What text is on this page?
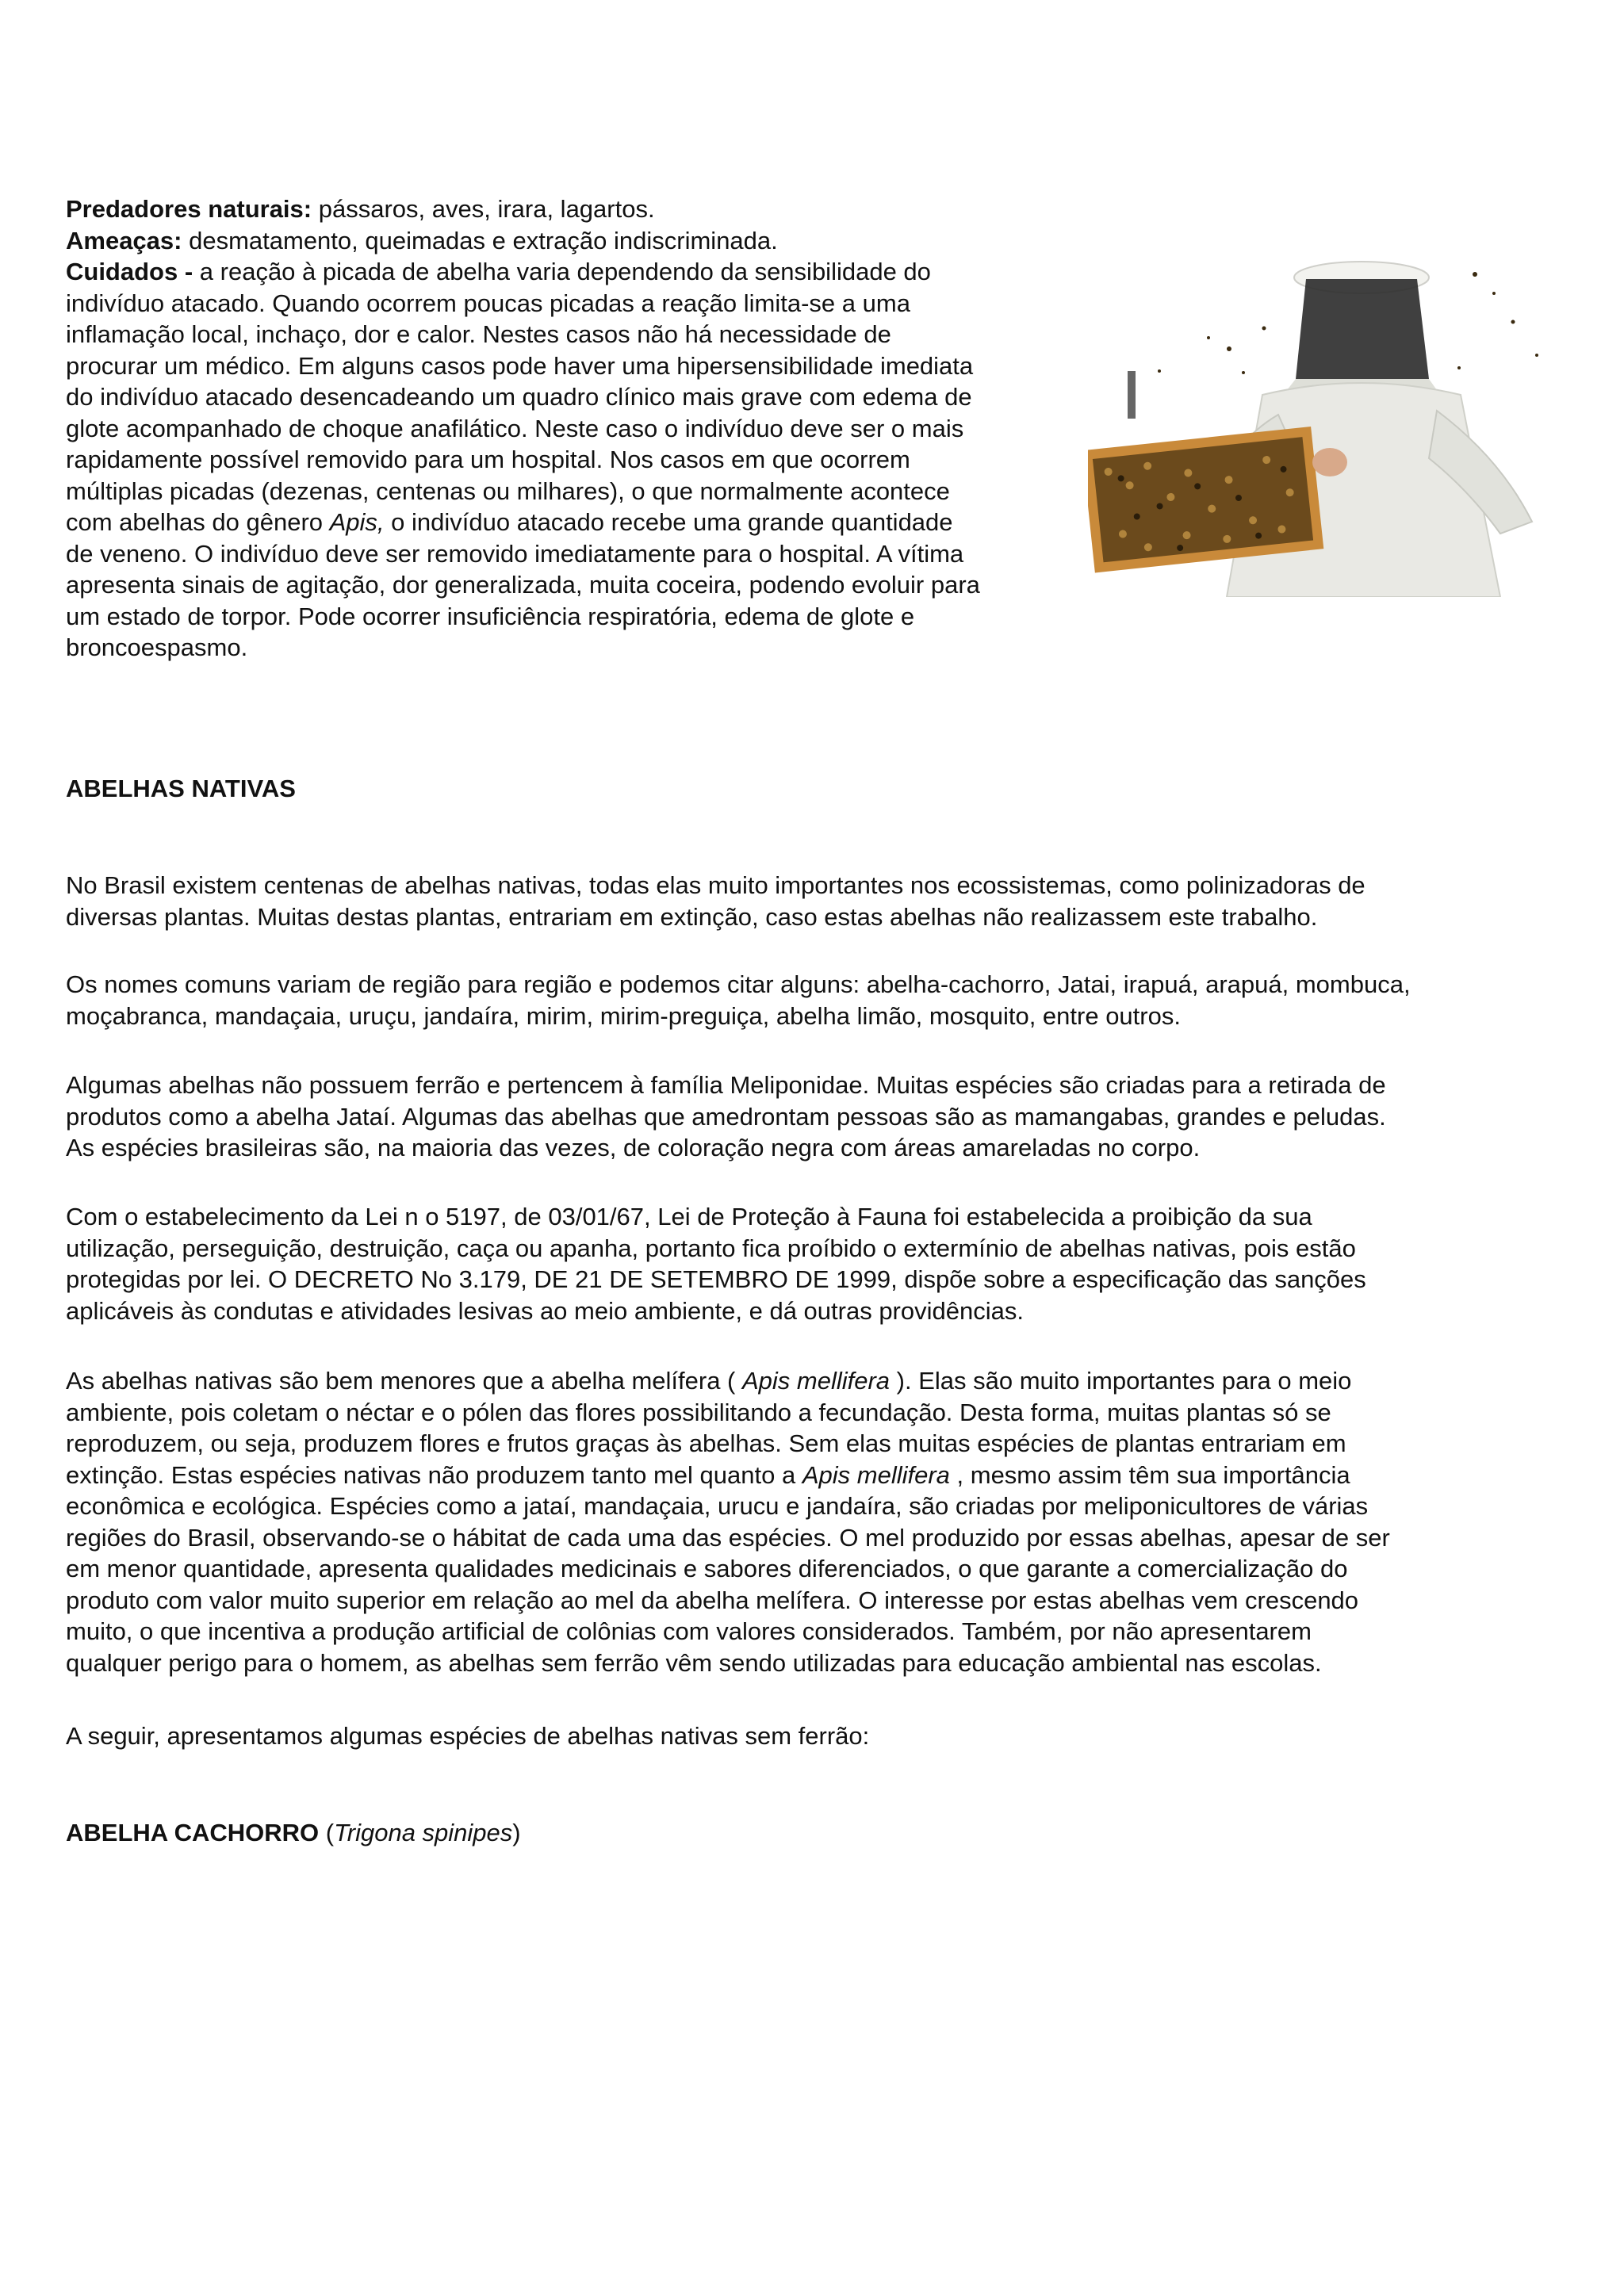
Predadores naturais: pássaros, aves, irara, lagartos.
Ameaças: desmatamento, queimadas e extração indiscriminada.
Cuidados - a reação à picada de abelha varia dependendo da sensibilidade do
indivíduo atacado. Quando ocorrem poucas picadas a reação limita-se a uma
inflamação local, inchaço, dor e calor. Nestes casos não há necessidade de
procurar um médico. Em alguns casos pode haver uma hipersensibilidade imediata
do indivíduo atacado desencadeando um quadro clínico mais grave com edema de
glote acompanhado de choque anafilático. Neste caso o indivíduo deve ser o mais
rapidamente possível removido para um hospital. Nos casos em que ocorrem
múltiplas picadas (dezenas, centenas ou milhares), o que normalmente acontece
com abelhas do gênero Apis, o indivíduo atacado recebe uma grande quantidade
de veneno. O indivíduo deve ser removido imediatamente para o hospital. A vítima
apresenta sinais de agitação, dor generalizada, muita coceira, podendo evoluir para
um estado de torpor. Pode ocorrer insuficiência respiratória, edema de glote e
broncoespasmo.
ABELHAS NATIVAS
No Brasil existem centenas de abelhas nativas, todas elas muito importantes nos ecossistemas, como polinizadoras de
diversas plantas. Muitas destas plantas, entrariam em extinção, caso estas abelhas não realizassem este trabalho.
Os nomes comuns variam de região para região e podemos citar alguns: abelha-cachorro, Jatai, irapuá, arapuá, mombuca,
moçabranca, mandaçaia, uruçu, jandaíra, mirim, mirim-preguiça, abelha limão, mosquito, entre outros.
Algumas abelhas não possuem ferrão e pertencem à família Meliponidae. Muitas espécies são criadas para a retirada de
produtos como a abelha Jataí. Algumas das abelhas que amedrontam pessoas são as mamangabas, grandes e peludas.
As espécies brasileiras são, na maioria das vezes, de coloração negra com áreas amareladas no corpo.
Com o estabelecimento da Lei n o 5197, de 03/01/67, Lei de Proteção à Fauna foi estabelecida a proibição da sua
utilização, perseguição, destruição, caça ou apanha, portanto fica proíbido o extermínio de abelhas nativas, pois estão
protegidas por lei. O DECRETO No 3.179, DE 21 DE SETEMBRO DE 1999, dispõe sobre a especificação das sanções
aplicáveis às condutas e atividades lesivas ao meio ambiente, e dá outras providências.
As abelhas nativas são bem menores que a abelha melífera ( Apis mellifera ). Elas são muito importantes para o meio
ambiente, pois coletam o néctar e o pólen das flores possibilitando a fecundação. Desta forma, muitas plantas só se
reproduzem, ou seja, produzem flores e frutos graças às abelhas. Sem elas muitas espécies de plantas entrariam em
extinção. Estas espécies nativas não produzem tanto mel quanto a Apis mellifera , mesmo assim têm sua importância
econômica e ecológica. Espécies como a jataí, mandaçaia, urucu e jandaíra, são criadas por meliponicultores de várias
regiões do Brasil, observando-se o hábitat de cada uma das espécies. O mel produzido por essas abelhas, apesar de ser
em menor quantidade, apresenta qualidades medicinais e sabores diferenciados, o que garante a comercialização do
produto com valor muito superior em relação ao mel da abelha melífera. O interesse por estas abelhas vem crescendo
muito, o que incentiva a produção artificial de colônias com valores considerados. Também, por não apresentarem
qualquer perigo para o homem, as abelhas sem ferrão vêm sendo utilizadas para educação ambiental nas escolas.
A seguir, apresentamos algumas espécies de abelhas nativas sem ferrão:
ABELHA CACHORRO (Trigona spinipes)
